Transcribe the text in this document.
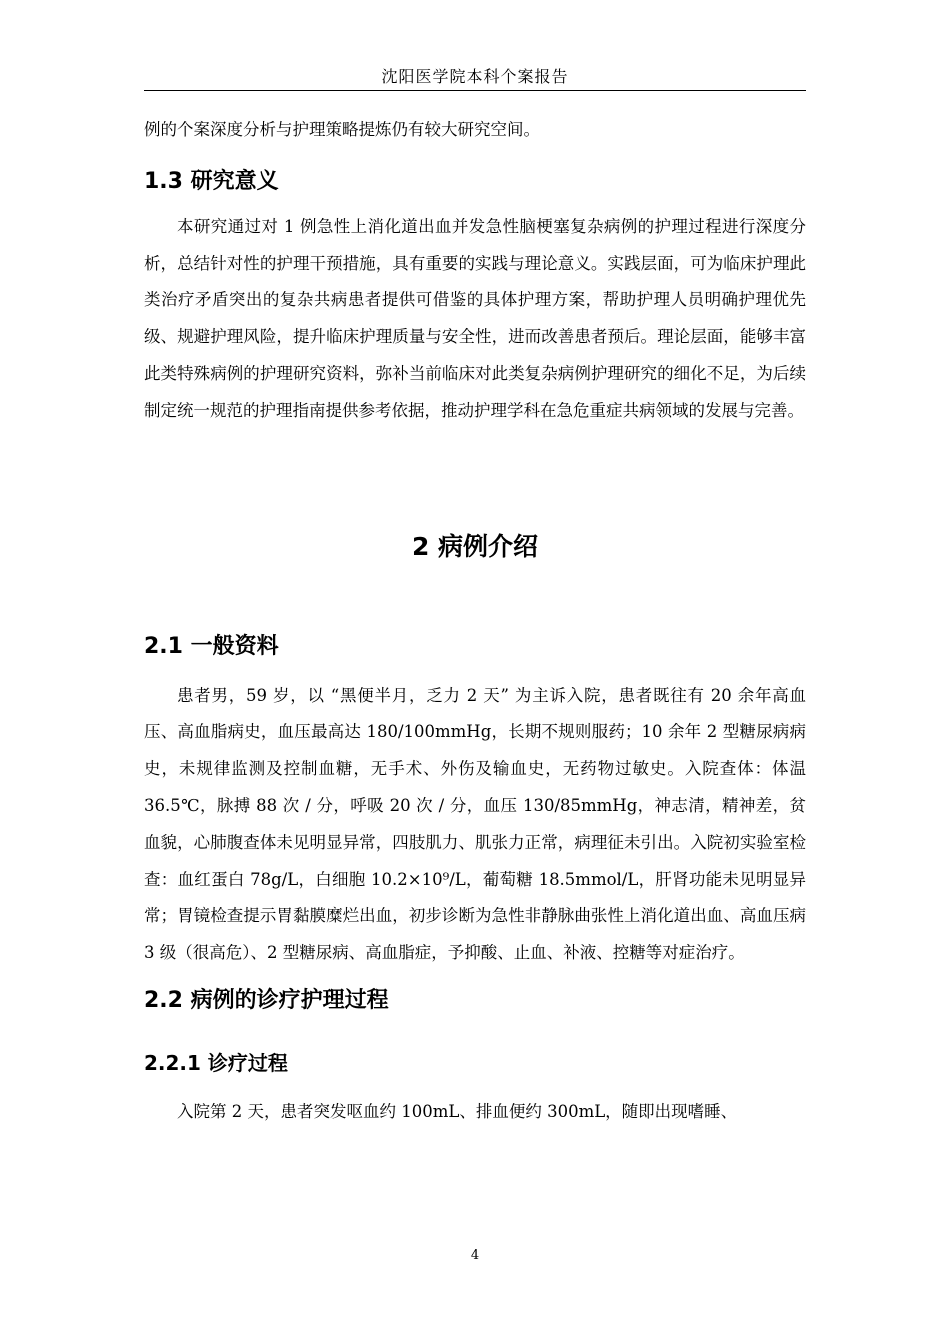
沈阳医学院本科个案报告

例的个案深度分析与护理策略提炼仍有较大研究空间。

1.3 研究意义

本研究通过对 1 例急性上消化道出血并发急性脑梗塞复杂病例的护理过程进行深度分析，总结针对性的护理干预措施，具有重要的实践与理论意义。实践层面，可为临床护理此类治疗矛盾突出的复杂共病患者提供可借鉴的具体护理方案，帮助护理人员明确护理优先级、规避护理风险，提升临床护理质量与安全性，进而改善患者预后。理论层面，能够丰富此类特殊病例的护理研究资料，弥补当前临床对此类复杂病例护理研究的细化不足，为后续制定统一规范的护理指南提供参考依据，推动护理学科在急危重症共病领域的发展与完善。

2 病例介绍
2.1 一般资料

患者男，59 岁，以 “黑便半月，乏力 2 天” 为主诉入院，患者既往有 20 余年高血压、高血脂病史，血压最高达 180/100mmHg，长期不规则服药；10 余年 2 型糖尿病病史，未规律监测及控制血糖，无手术、外伤及输血史，无药物过敏史。入院查体：体温 36.5℃，脉搏 88 次 / 分，呼吸 20 次 / 分，血压 130/85mmHg，神志清，精神差，贫血貌，心肺腹查体未见明显异常，四肢肌力、肌张力正常，病理征未引出。入院初实验室检查：血红蛋白 78g/L，白细胞 10.2×10⁹/L，葡萄糖 18.5mmol/L，肝肾功能未见明显异常；胃镜检查提示胃黏膜糜烂出血，初步诊断为急性非静脉曲张性上消化道出血、高血压病 3 级（很高危）、2 型糖尿病、高血脂症，予抑酸、止血、补液、控糖等对症治疗。

2.2 病例的诊疗护理过程
2.2.1 诊疗过程

入院第 2 天，患者突发呕血约 100mL、排血便约 300mL，随即出现嗜睡、

4
